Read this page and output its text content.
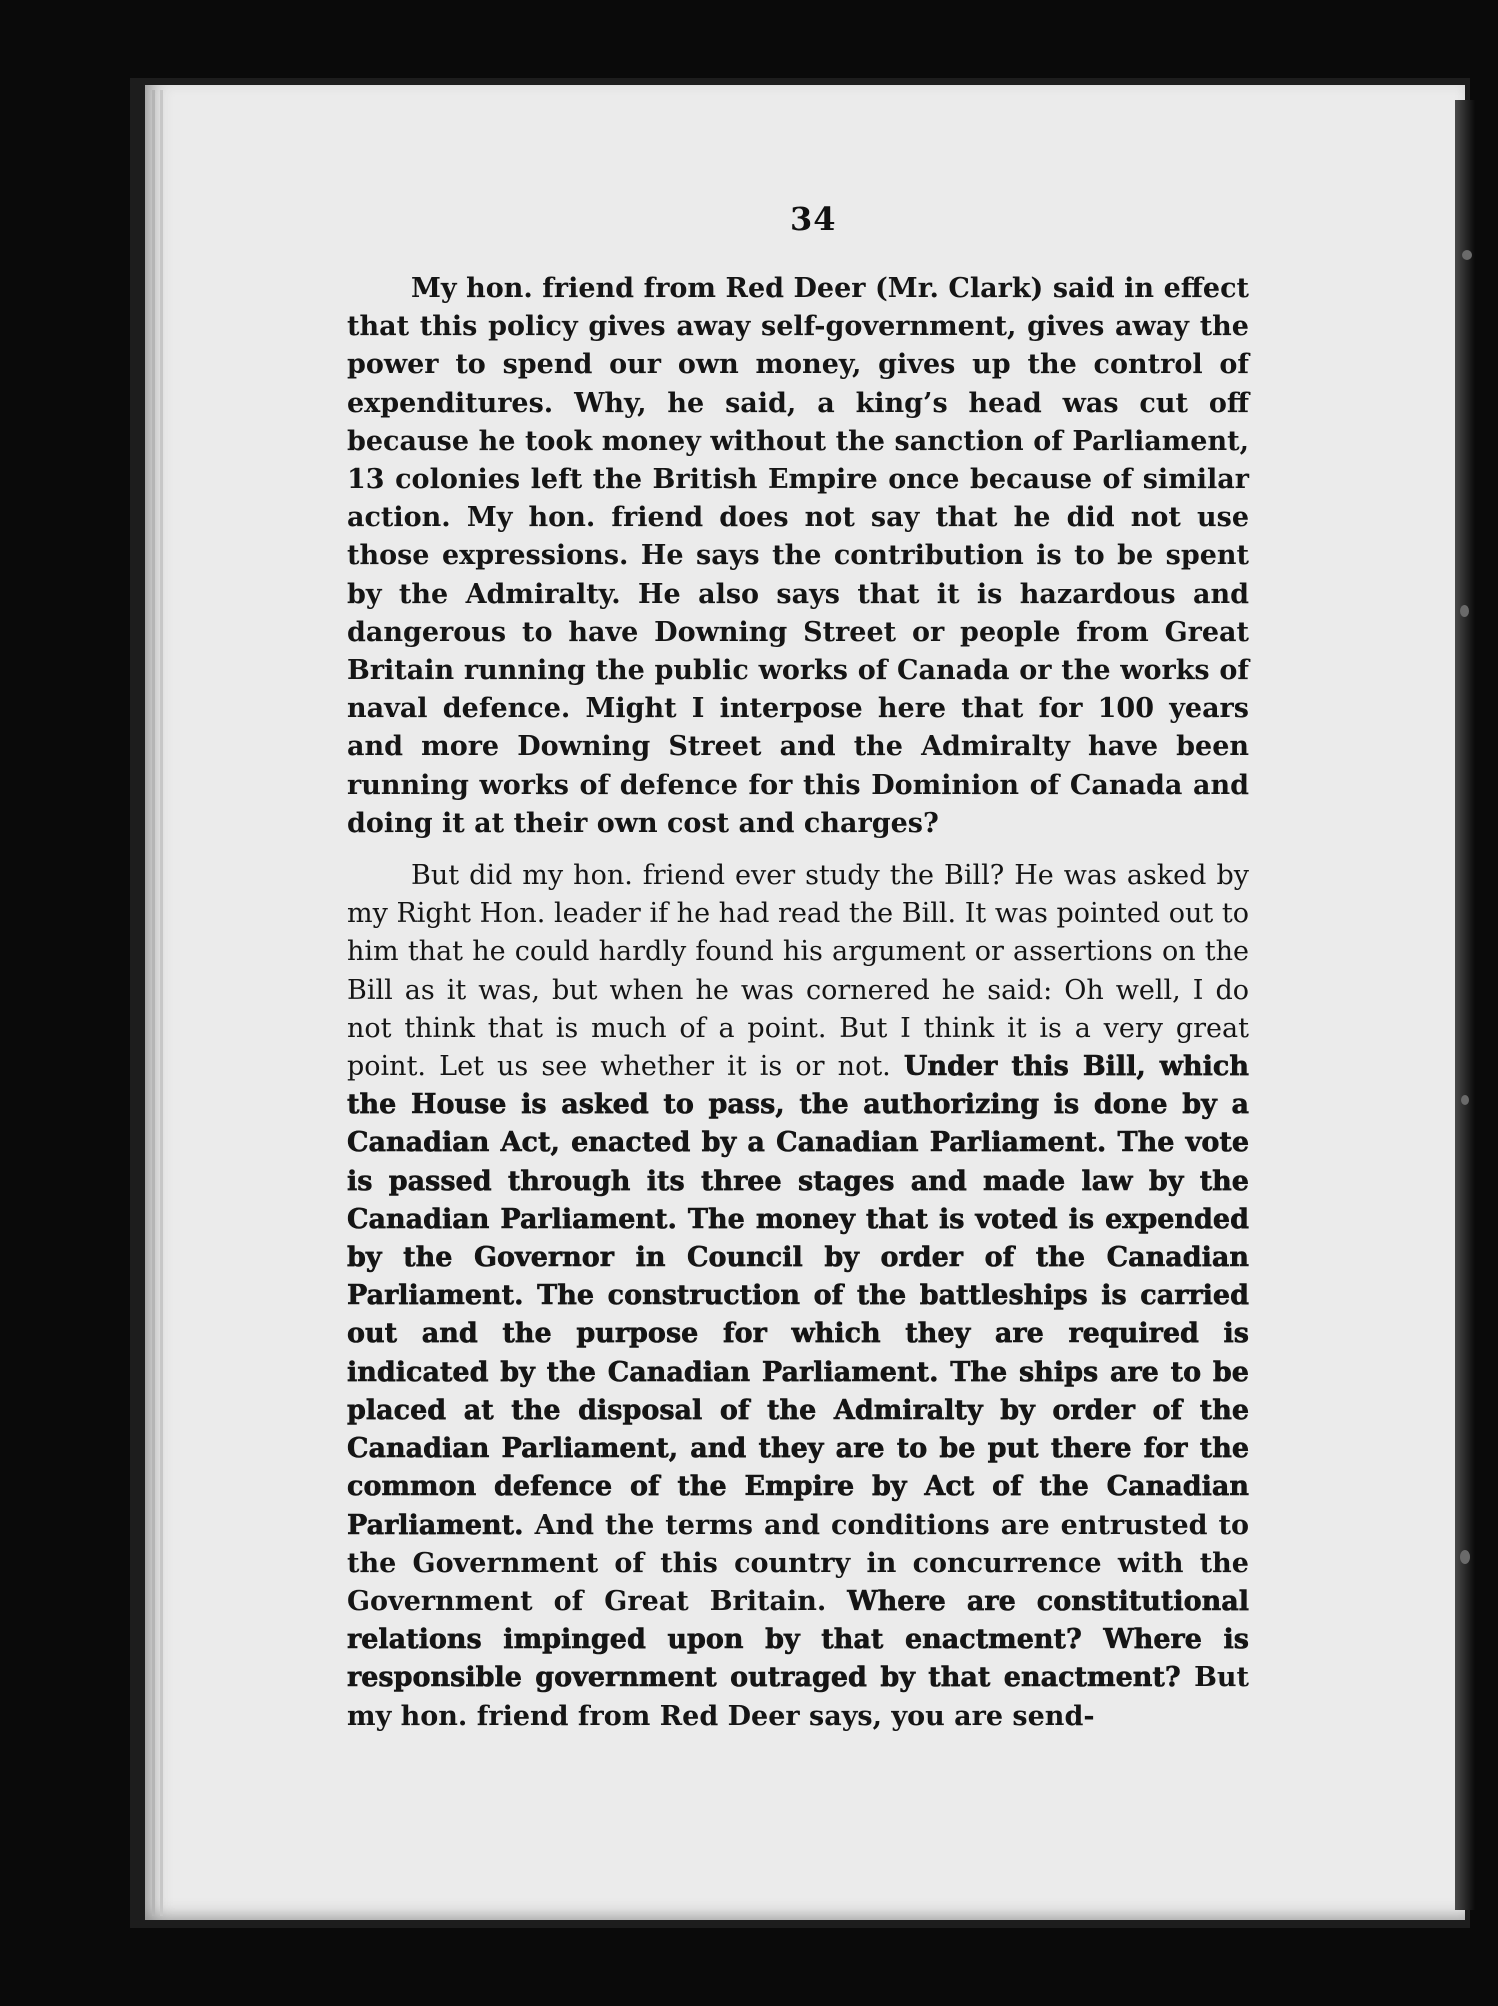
34

My hon. friend from Red Deer (Mr. Clark) said in effect that this policy gives away self-government, gives away the power to spend our own money, gives up the control of expenditures. Why, he said, a king’s head was cut off because he took money without the sanction of Parliament, 13 colonies left the British Empire once because of similar action. My hon. friend does not say that he did not use those expressions. He says the contribution is to be spent by the Admiralty. He also says that it is hazardous and dangerous to have Downing Street or people from Great Britain running the public works of Canada or the works of naval defence. Might I interpose here that for 100 years and more Downing Street and the Admiralty have been running works of defence for this Dominion of Canada and doing it at their own cost and charges?

But did my hon. friend ever study the Bill? He was asked by my Right Hon. leader if he had read the Bill. It was pointed out to him that he could hardly found his argument or assertions on the Bill as it was, but when he was cornered he said: Oh well, I do not think that is much of a point. But I think it is a very great point. Let us see whether it is or not. Under this Bill, which the House is asked to pass, the authorizing is done by a Canadian Act, enacted by a Canadian Parliament. The vote is passed through its three stages and made law by the Canadian Parliament. The money that is voted is expended by the Governor in Council by order of the Canadian Parliament. The construction of the battleships is carried out and the purpose for which they are required is indicated by the Canadian Parliament. The ships are to be placed at the disposal of the Admiralty by order of the Canadian Parliament, and they are to be put there for the common defence of the Empire by Act of the Canadian Parliament. And the terms and conditions are entrusted to the Government of this country in concurrence with the Government of Great Britain. Where are constitutional relations impinged upon by that enactment? Where is responsible government outraged by that enactment? But my hon. friend from Red Deer says, you are send-
